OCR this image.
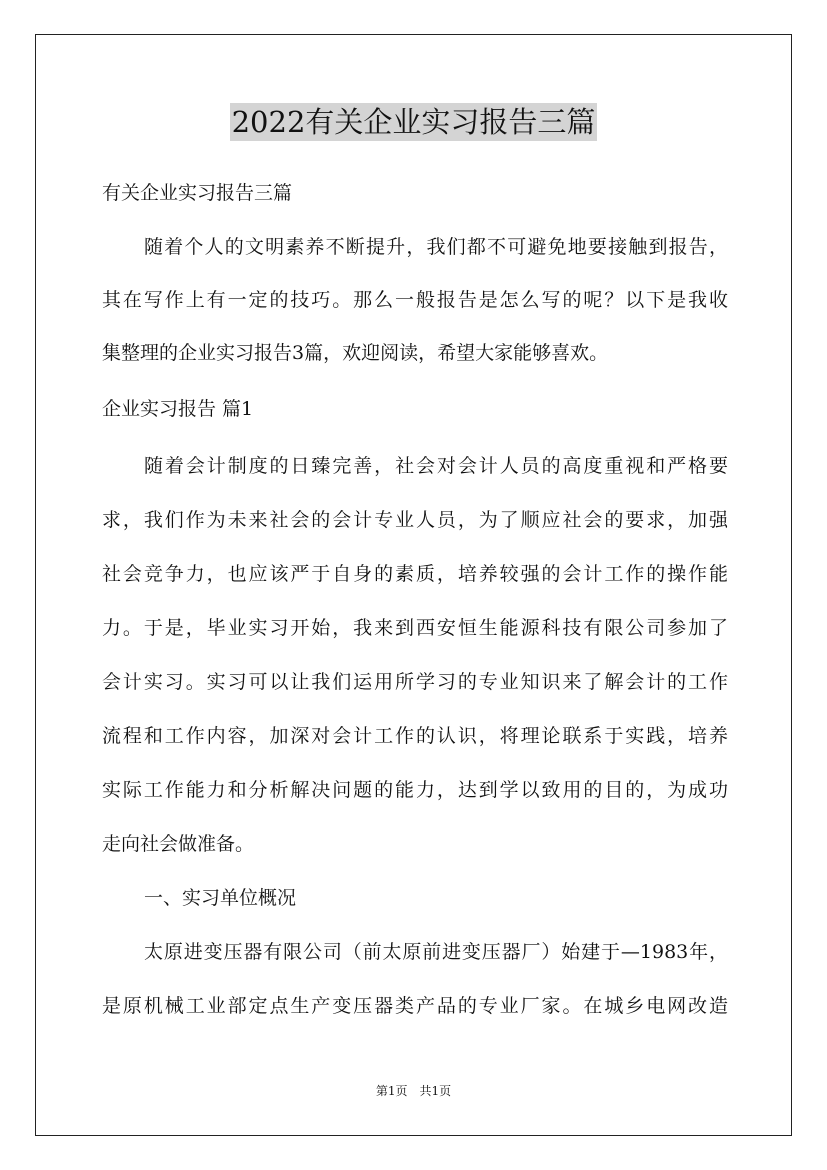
2022有关企业实习报告三篇
有关企业实习报告三篇
随着个人的文明素养不断提升，我们都不可避免地要接触到报告，
其在写作上有一定的技巧。那么一般报告是怎么写的呢？以下是我收
集整理的企业实习报告3篇，欢迎阅读，希望大家能够喜欢。
企业实习报告 篇1
随着会计制度的日臻完善，社会对会计人员的高度重视和严格要
求，我们作为未来社会的会计专业人员，为了顺应社会的要求，加强
社会竞争力，也应该严于自身的素质，培养较强的会计工作的操作能
力。于是，毕业实习开始，我来到西安恒生能源科技有限公司参加了
会计实习。实习可以让我们运用所学习的专业知识来了解会计的工作
流程和工作内容，加深对会计工作的认识，将理论联系于实践，培养
实际工作能力和分析解决问题的能力，达到学以致用的目的，为成功
走向社会做准备。
一、实习单位概况
太原进变压器有限公司（前太原前进变压器厂）始建于—1983年，
是原机械工业部定点生产变压器类产品的专业厂家。在城乡电网改造
第1页　共1页
